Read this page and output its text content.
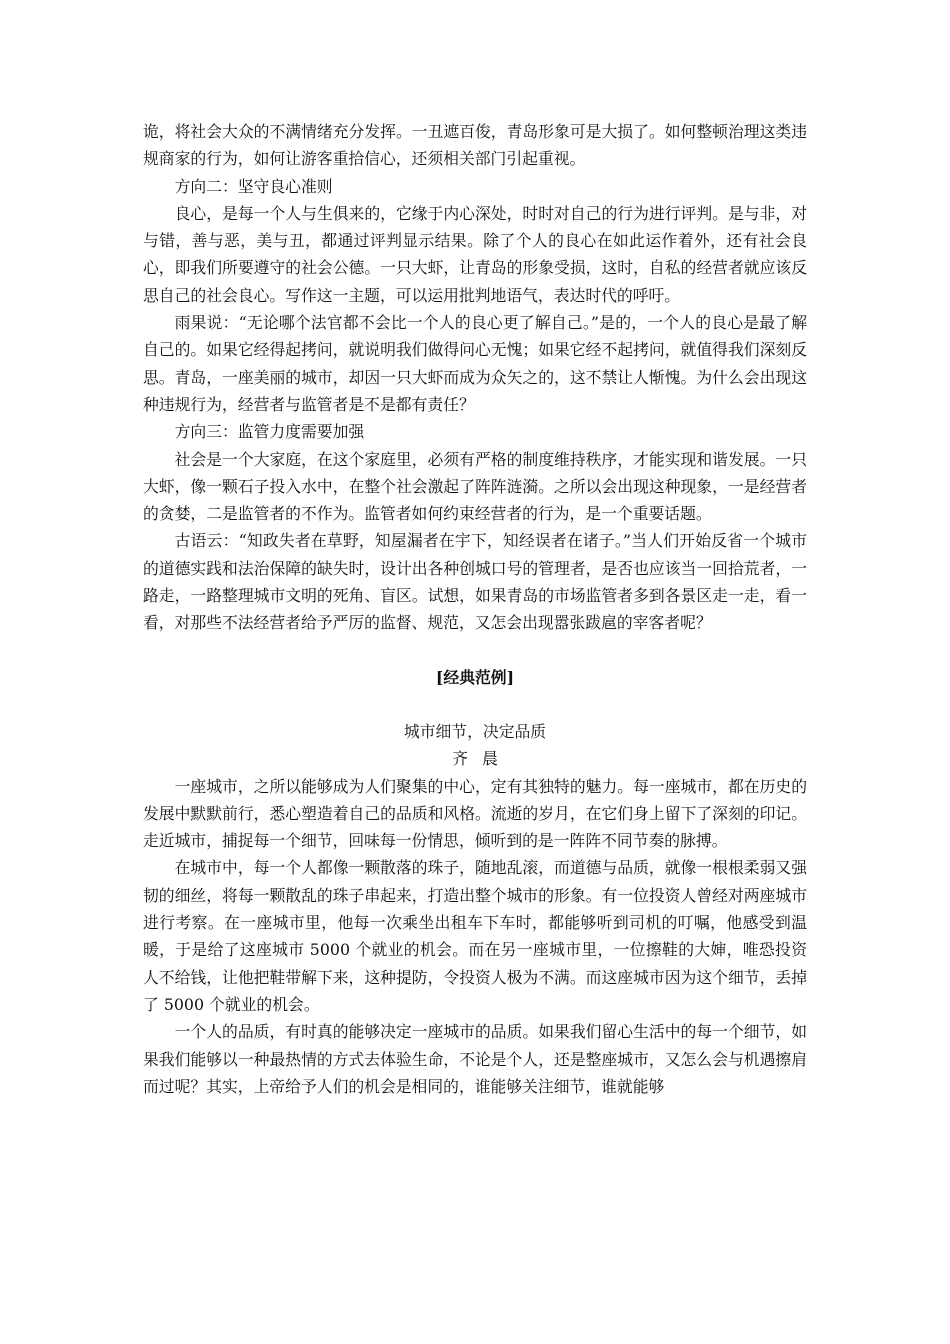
诡，将社会大众的不满情绪充分发挥。一丑遮百俊，青岛形象可是大损了。如何整顿治理这类违规商家的行为，如何让游客重拾信心，还须相关部门引起重视。

方向二：坚守良心准则

良心，是每一个人与生俱来的，它缘于内心深处，时时对自己的行为进行评判。是与非，对与错，善与恶，美与丑，都通过评判显示结果。除了个人的良心在如此运作着外，还有社会良心，即我们所要遵守的社会公德。一只大虾，让青岛的形象受损，这时，自私的经营者就应该反思自己的社会良心。写作这一主题，可以运用批判地语气，表达时代的呼吁。

雨果说：“无论哪个法官都不会比一个人的良心更了解自己。”是的，一个人的良心是最了解自己的。如果它经得起拷问，就说明我们做得问心无愧；如果它经不起拷问，就值得我们深刻反思。青岛，一座美丽的城市，却因一只大虾而成为众矢之的，这不禁让人惭愧。为什么会出现这种违规行为，经营者与监管者是不是都有责任？

方向三：监管力度需要加强

社会是一个大家庭，在这个家庭里，必须有严格的制度维持秩序，才能实现和谐发展。一只大虾，像一颗石子投入水中，在整个社会激起了阵阵涟漪。之所以会出现这种现象，一是经营者的贪婪，二是监管者的不作为。监管者如何约束经营者的行为，是一个重要话题。

古语云：“知政失者在草野，知屋漏者在宇下，知经误者在诸子。”当人们开始反省一个城市的道德实践和法治保障的缺失时，设计出各种创城口号的管理者，是否也应该当一回拾荒者，一路走，一路整理城市文明的死角、盲区。试想，如果青岛的市场监管者多到各景区走一走，看一看，对那些不法经营者给予严厉的监督、规范，又怎会出现嚣张跋扈的宰客者呢？

[经典范例]

城市细节，决定品质

齐晨

一座城市，之所以能够成为人们聚集的中心，定有其独特的魅力。每一座城市，都在历史的发展中默默前行，悉心塑造着自己的品质和风格。流逝的岁月，在它们身上留下了深刻的印记。走近城市，捕捉每一个细节，回味每一份情思，倾听到的是一阵阵不同节奏的脉搏。

在城市中，每一个人都像一颗散落的珠子，随地乱滚，而道德与品质，就像一根根柔弱又强韧的细丝，将每一颗散乱的珠子串起来，打造出整个城市的形象。有一位投资人曾经对两座城市进行考察。在一座城市里，他每一次乘坐出租车下车时，都能够听到司机的叮嘱，他感受到温暖，于是给了这座城市 5000 个就业的机会。而在另一座城市里，一位擦鞋的大婶，唯恐投资人不给钱，让他把鞋带解下来，这种提防，令投资人极为不满。而这座城市因为这个细节，丢掉了 5000 个就业的机会。

一个人的品质，有时真的能够决定一座城市的品质。如果我们留心生活中的每一个细节，如果我们能够以一种最热情的方式去体验生命，不论是个人，还是整座城市，又怎么会与机遇擦肩而过呢？其实，上帝给予人们的机会是相同的，谁能够关注细节，谁就能够
